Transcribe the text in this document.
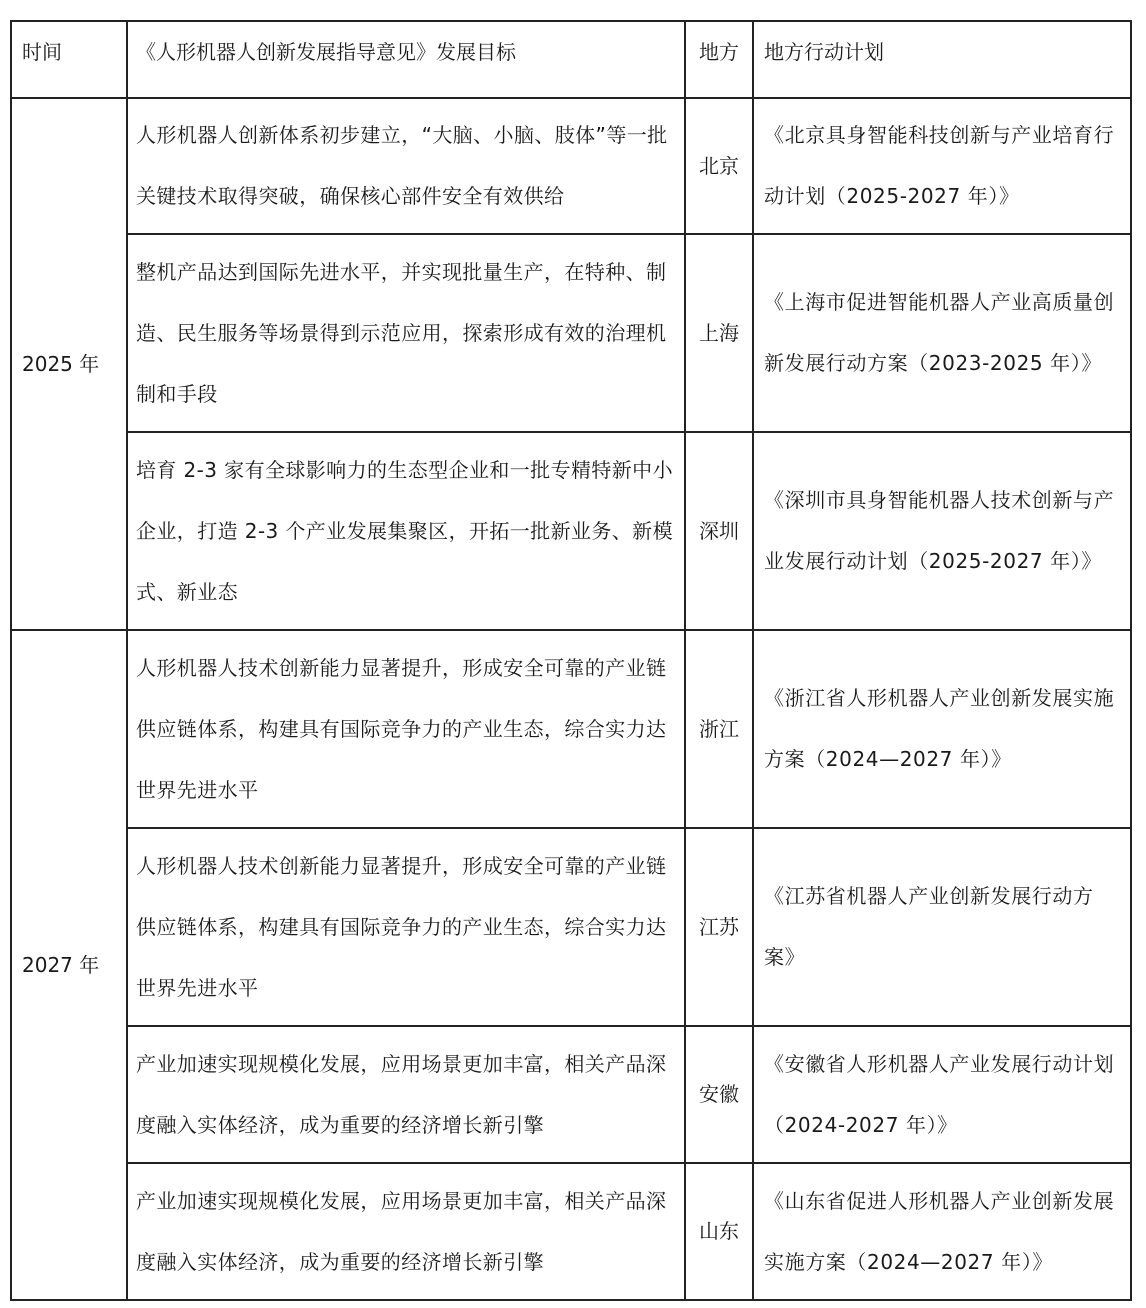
时间	《人形机器人创新发展指导意见》发展目标	地方	地方行动计划
2025 年	人形机器人创新体系初步建立，“大脑、小脑、肢体”等一批关键技术取得突破，确保核心部件安全有效供给	北京	《北京具身智能科技创新与产业培育行动计划（2025-2027 年）》

	整机产品达到国际先进水平，并实现批量生产，在特种、制造、民生服务等场景得到示范应用，探索形成有效的治理机制和手段	上海	《上海市促进智能机器人产业高质量创新发展行动方案（2023-2025 年）》

	培育 2-3 家有全球影响力的生态型企业和一批专精特新中小企业，打造 2-3 个产业发展集聚区，开拓一批新业务、新模式、新业态	深圳	《深圳市具身智能机器人技术创新与产业发展行动计划（2025-2027 年）》

2027 年	人形机器人技术创新能力显著提升，形成安全可靠的产业链供应链体系，构建具有国际竞争力的产业生态，综合实力达世界先进水平	浙江	《浙江省人形机器人产业创新发展实施方案（2024—2027 年）》

	人形机器人技术创新能力显著提升，形成安全可靠的产业链供应链体系，构建具有国际竞争力的产业生态，综合实力达世界先进水平	江苏	《江苏省机器人产业创新发展行动方案》

	产业加速实现规模化发展，应用场景更加丰富，相关产品深度融入实体经济，成为重要的经济增长新引擎	安徽	《安徽省人形机器人产业发展行动计划（2024-2027 年）》

	产业加速实现规模化发展，应用场景更加丰富，相关产品深度融入实体经济，成为重要的经济增长新引擎	山东	《山东省促进人形机器人产业创新发展实施方案（2024—2027 年）》
